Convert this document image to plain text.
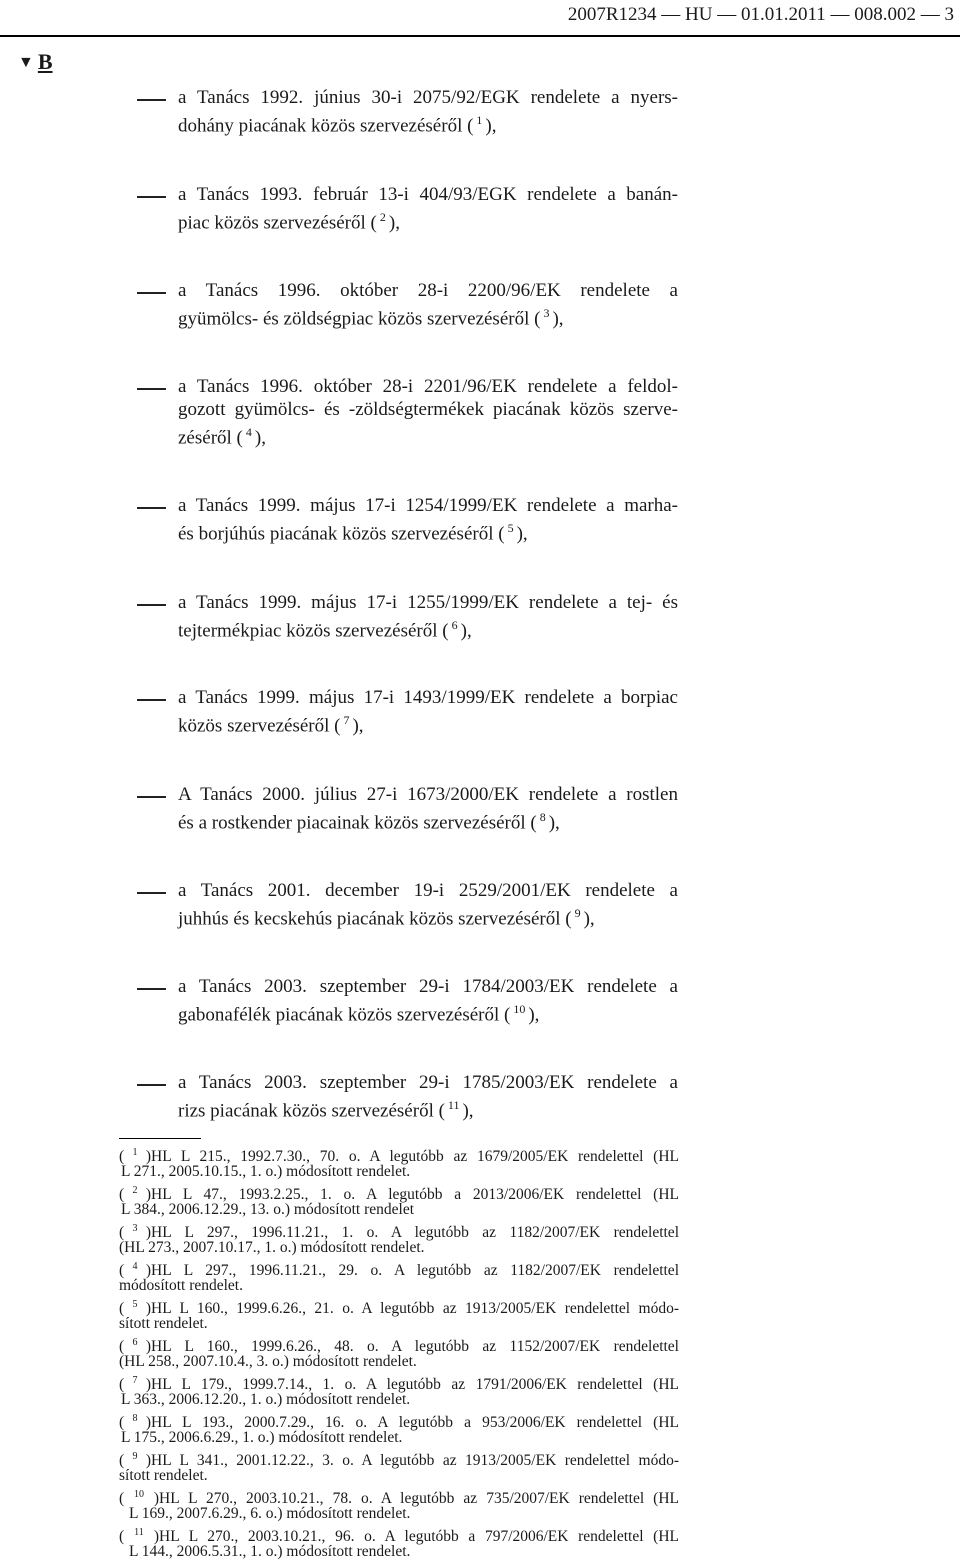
2007R1234 — HU — 01.01.2011 — 008.002 — 3
▼ B
a Tanács 1992. június 30-i 2075/92/EGK rendelete a nyers-
dohány piacának közös szervezéséről ( $^1$ ),
a Tanács 1993. február 13-i 404/93/EGK rendelete a banán-
piac közös szervezéséről ( $^2$ ),
a Tanács 1996. október 28-i 2200/96/EK rendelete a
gyümölcs- és zöldségpiac közös szervezéséről ( $^3$ ),
a Tanács 1996. október 28-i 2201/96/EK rendelete a feldol-
gozott gyümölcs- és -zöldségtermékek piacának közös szerve-
zéséről ( $^4$ ),
a Tanács 1999. május 17-i 1254/1999/EK rendelete a marha-
és borjúhús piacának közös szervezéséről ( $^5$ ),
a Tanács 1999. május 17-i 1255/1999/EK rendelete a tej- és
tejtermékpiac közös szervezéséről ( $^6$ ),
a Tanács 1999. május 17-i 1493/1999/EK rendelete a borpiac
közös szervezéséről ( $^7$ ),
A Tanács 2000. július 27-i 1673/2000/EK rendelete a rostlen
és a rostkender piacainak közös szervezéséről ( $^8$ ),
a Tanács 2001. december 19-i 2529/2001/EK rendelete a
juhhús és kecskehús piacának közös szervezéséről ( $^9$ ),
a Tanács 2003. szeptember 29-i 1784/2003/EK rendelete a
gabonafélék piacának közös szervezéséről ( $^{10}$ ),
a Tanács 2003. szeptember 29-i 1785/2003/EK rendelete a
rizs piacának közös szervezéséről ( $^{11}$ ),
( $^1$ )HL L 215., 1992.7.30., 70. o. A legutóbb az 1679/2005/EK rendelettel (HL
L 271., 2005.10.15., 1. o.) módosított rendelet.
( $^2$ )HL L 47., 1993.2.25., 1. o. A legutóbb a 2013/2006/EK rendelettel (HL
L 384., 2006.12.29., 13. o.) módosított rendelet
( $^3$ )HL L 297., 1996.11.21., 1. o. A legutóbb az 1182/2007/EK rendelettel
(HL 273., 2007.10.17., 1. o.) módosított rendelet.
( $^4$ )HL L 297., 1996.11.21., 29. o. A legutóbb az 1182/2007/EK rendelettel
módosított rendelet.
( $^5$ )HL L 160., 1999.6.26., 21. o. A legutóbb az 1913/2005/EK rendelettel módo-
sított rendelet.
( $^6$ )HL L 160., 1999.6.26., 48. o. A legutóbb az 1152/2007/EK rendelettel
(HL 258., 2007.10.4., 3. o.) módosított rendelet.
( $^7$ )HL L 179., 1999.7.14., 1. o. A legutóbb az 1791/2006/EK rendelettel (HL
L 363., 2006.12.20., 1. o.) módosított rendelet.
( $^8$ )HL L 193., 2000.7.29., 16. o. A legutóbb a 953/2006/EK rendelettel (HL
L 175., 2006.6.29., 1. o.) módosított rendelet.
( $^9$ )HL L 341., 2001.12.22., 3. o. A legutóbb az 1913/2005/EK rendelettel módo-
sított rendelet.
( $^{10}$ )HL L 270., 2003.10.21., 78. o. A legutóbb az 735/2007/EK rendelettel (HL
L 169., 2007.6.29., 6. o.) módosított rendelet.
( $^{11}$ )HL L 270., 2003.10.21., 96. o. A legutóbb a 797/2006/EK rendelettel (HL
L 144., 2006.5.31., 1. o.) módosított rendelet.
